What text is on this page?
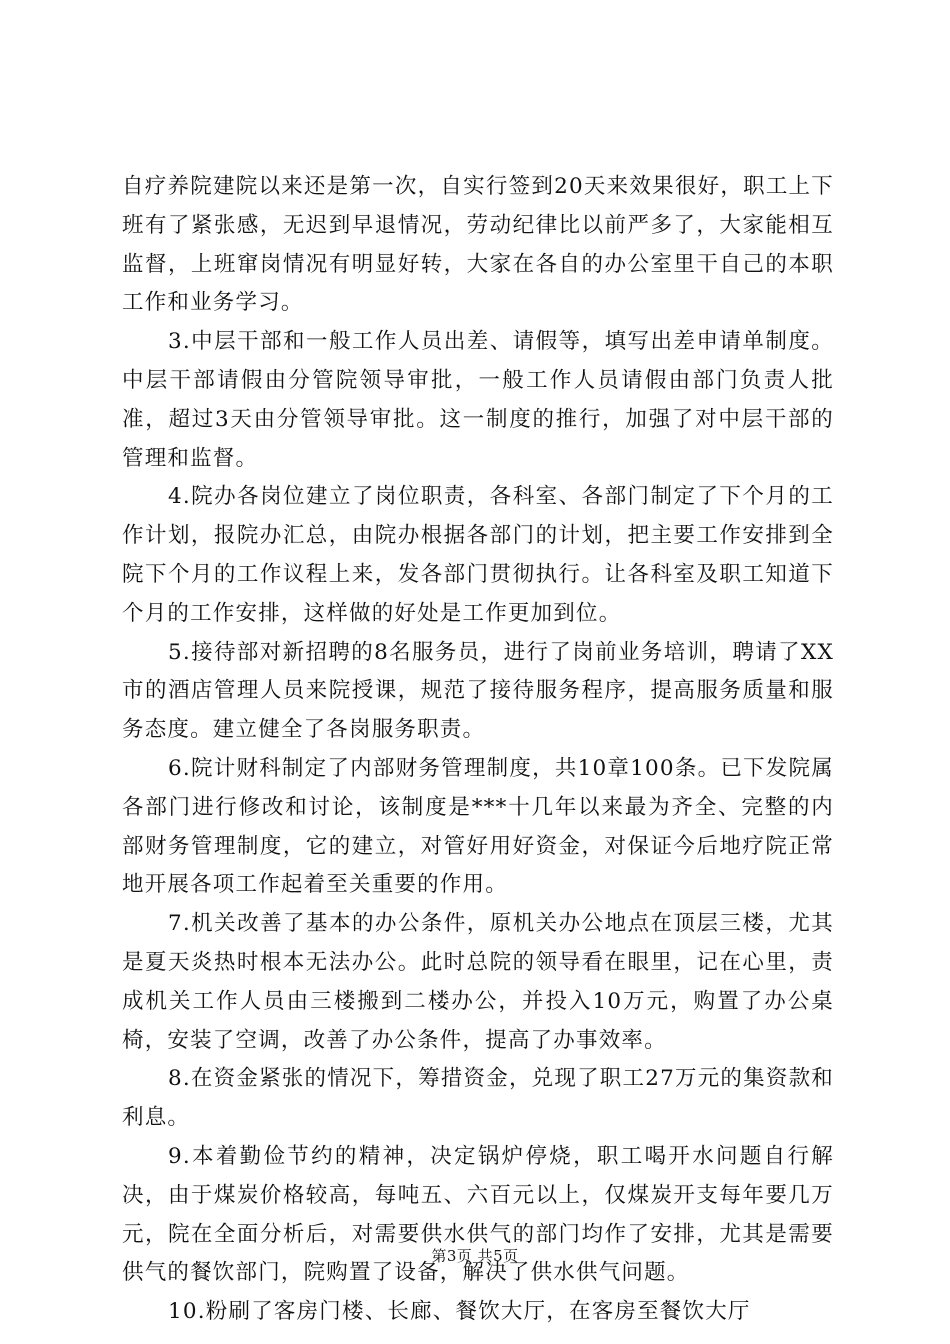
自疗养院建院以来还是第一次，自实行签到20天来效果很好，职工上下班有了紧张感，无迟到早退情况，劳动纪律比以前严多了，大家能相互监督，上班窜岗情况有明显好转，大家在各自的办公室里干自己的本职工作和业务学习。

3.中层干部和一般工作人员出差、请假等，填写出差申请单制度。中层干部请假由分管院领导审批，一般工作人员请假由部门负责人批准，超过3天由分管领导审批。这一制度的推行，加强了对中层干部的管理和监督。

4.院办各岗位建立了岗位职责，各科室、各部门制定了下个月的工作计划，报院办汇总，由院办根据各部门的计划，把主要工作安排到全院下个月的工作议程上来，发各部门贯彻执行。让各科室及职工知道下个月的工作安排，这样做的好处是工作更加到位。

5.接待部对新招聘的8名服务员，进行了岗前业务培训，聘请了XX市的酒店管理人员来院授课，规范了接待服务程序，提高服务质量和服务态度。建立健全了各岗服务职责。

6.院计财科制定了内部财务管理制度，共10章100条。已下发院属各部门进行修改和讨论，该制度是***十几年以来最为齐全、完整的内部财务管理制度，它的建立，对管好用好资金，对保证今后地疗院正常地开展各项工作起着至关重要的作用。

7.机关改善了基本的办公条件，原机关办公地点在顶层三楼，尤其是夏天炎热时根本无法办公。此时总院的领导看在眼里，记在心里，责成机关工作人员由三楼搬到二楼办公，并投入10万元，购置了办公桌椅，安装了空调，改善了办公条件，提高了办事效率。

8.在资金紧张的情况下，筹措资金，兑现了职工27万元的集资款和利息。

9.本着勤俭节约的精神，决定锅炉停烧，职工喝开水问题自行解决，由于煤炭价格较高，每吨五、六百元以上，仅煤炭开支每年要几万元，院在全面分析后，对需要供水供气的部门均作了安排，尤其是需要供气的餐饮部门，院购置了设备，解决了供水供气问题。

10.粉刷了客房门楼、长廊、餐饮大厅，在客房至餐饮大厅

第3页 共5页
